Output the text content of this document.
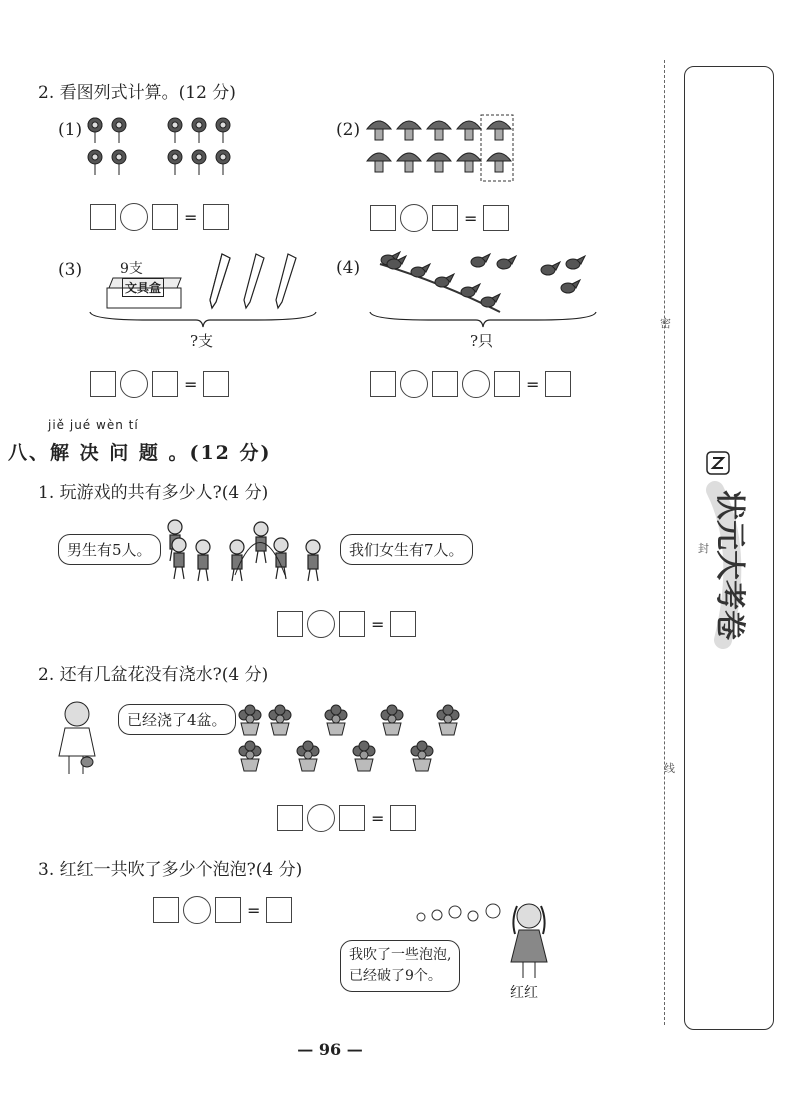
2. 看图列式计算。(12 分)
(1)
=
(2)
=
(3)	9支
文具盒
?支
=
(4)
?只
=
jiě jué wèn tí
八、解 决 问 题 。(12 分)
1. 玩游戏的共有多少人?(4 分)
男生有5人。	我们女生有7人。
=
2. 还有几盆花没有浇水?(4 分)
已经浇了4盆。
=
3. 红红一共吹了多少个泡泡?(4 分)
=
我吹了一些泡泡,
已经破了9个。
红红
— 96 —
密
封
线
状元大考卷
